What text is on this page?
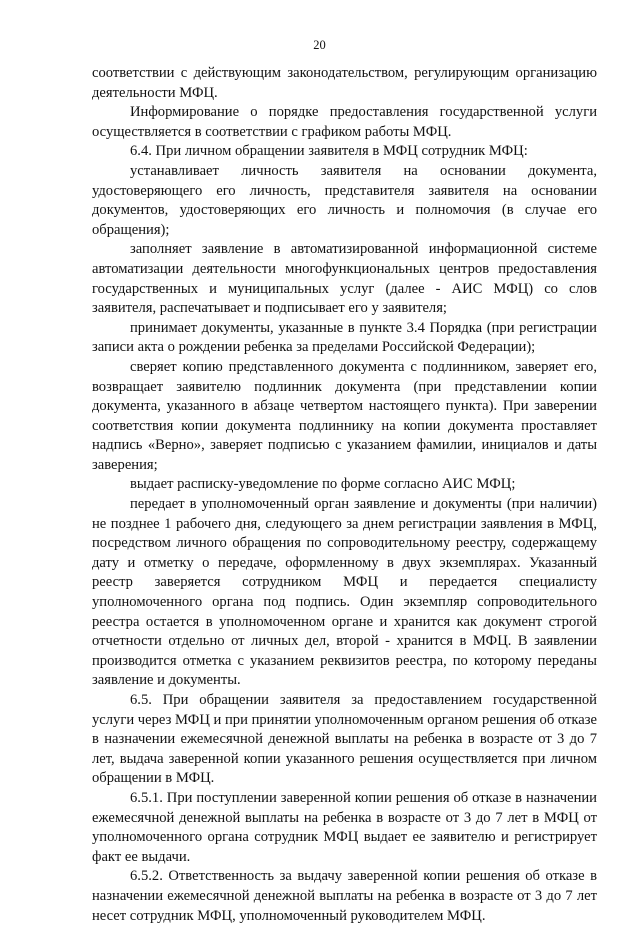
20

соответствии с действующим законодательством, регулирующим организацию деятельности МФЦ.

Информирование о порядке предоставления государственной услуги осуществляется в соответствии с графиком работы МФЦ.

6.4. При личном обращении заявителя в МФЦ сотрудник МФЦ:

устанавливает личность заявителя на основании документа, удостоверяющего его личность, представителя заявителя на основании документов, удостоверяющих его личность и полномочия (в случае его обращения);

заполняет заявление в автоматизированной информационной системе автоматизации деятельности многофункциональных центров предоставления государственных и муниципальных услуг (далее - АИС МФЦ) со слов заявителя, распечатывает и подписывает его у заявителя;

принимает документы, указанные в пункте 3.4 Порядка (при регистрации записи акта о рождении ребенка за пределами Российской Федерации);

сверяет копию представленного документа с подлинником, заверяет его, возвращает заявителю подлинник документа (при представлении копии документа, указанного в абзаце четвертом настоящего пункта). При заверении соответствия копии документа подлиннику на копии документа проставляет надпись «Верно», заверяет подписью с указанием фамилии, инициалов и даты заверения;

выдает расписку-уведомление по форме согласно АИС МФЦ;

передает в уполномоченный орган заявление и документы (при наличии) не позднее 1 рабочего дня, следующего за днем регистрации заявления в МФЦ, посредством личного обращения по сопроводительному реестру, содержащему дату и отметку о передаче, оформленному в двух экземплярах. Указанный реестр заверяется сотрудником МФЦ и передается специалисту уполномоченного органа под подпись. Один экземпляр сопроводительного реестра остается в уполномоченном органе и хранится как документ строгой отчетности отдельно от личных дел, второй - хранится в МФЦ. В заявлении производится отметка с указанием реквизитов реестра, по которому переданы заявление и документы.

6.5. При обращении заявителя за предоставлением государственной услуги через МФЦ и при принятии уполномоченным органом решения об отказе в назначении ежемесячной денежной выплаты на ребенка в возрасте от 3 до 7 лет, выдача заверенной копии указанного решения осуществляется при личном обращении в МФЦ.

6.5.1. При поступлении заверенной копии решения об отказе в назначении ежемесячной денежной выплаты на ребенка в возрасте от 3 до 7 лет в МФЦ от уполномоченного органа сотрудник МФЦ выдает ее заявителю и регистрирует факт ее выдачи.

6.5.2. Ответственность за выдачу заверенной копии решения об отказе в назначении ежемесячной денежной выплаты на ребенка в возрасте от 3 до 7 лет несет сотрудник МФЦ, уполномоченный руководителем МФЦ.
